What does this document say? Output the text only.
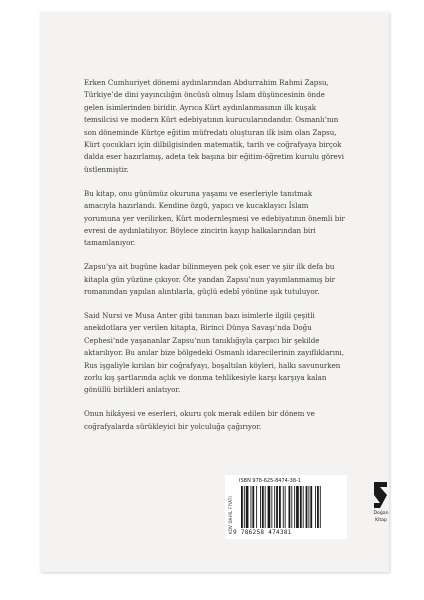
Erken Cumhuriyet dönemi aydınlarından Abdurrahim Rahmi Zapsu, Türkiye’de dini yayıncılığın öncüsü olmuş İslam düşüncesinin önde gelen isimlerinden biridir. Ayrıca Kürt aydınlanmasının ilk kuşak temsilcisi ve modern Kürt edebiyatının kurucularındandır. Osmanlı’nın son döneminde Kürtçe eğitim müfredatı oluşturan ilk isim olan Zapsu, Kürt çocukları için dilbilgisinden matematik, tarih ve coğrafyaya birçok dalda eser hazırlamış, adeta tek başına bir eğitim-öğretim kurulu görevi üstlenmiştir.

Bu kitap, onu günümüz okuruna yaşamı ve eserleriyle tanıtmak amacıyla hazırlandı. Kendine özgü, yapıcı ve kucaklayıcı İslam yorumuna yer verilirken, Kürt modernleşmesi ve edebiyatının önemli bir evresi de aydınlatılıyor. Böylece zincirin kayıp halkalarından biri tamamlanıyor.

Zapsu’ya ait bugüne kadar bilinmeyen pek çok eser ve şiir ilk defa bu kitapla gün yüzüne çıkıyor. Öte yandan Zapsu’nun yayımlanmamış bir romanından yapılan alıntılarla, güçlü edebî yönüne ışık tutuluyor.

Said Nursi ve Musa Anter gibi tanınan bazı isimlerle ilgili çeşitli anekdotlara yer verilen kitapta, Birinci Dünya Savaşı’nda Doğu Cephesi’nde yaşananlar Zapsu’nun tanıklığıyla çarpıcı bir şekilde aktarılıyor. Bu anılar bize bölgedeki Osmanlı idarecilerinin zayıflıklarını, Rus işgaliyle kırılan bir coğrafyayı, boşaltılan köyleri, halkı savunurken zorlu kış şartlarında açlık ve donma tehlikesiyle karşı karşıya kalan gönüllü birlikleri anlatıyor.

Onun hikâyesi ve eserleri, okuru çok merak edilen bir dönem ve coğrafyalarda sürükleyici bir yolculuğa çağırıyor.

KDV DAHİL FİYATI
ISBN 978-625-8474-38-1
9 786258 474381
Doğan
Kitap
